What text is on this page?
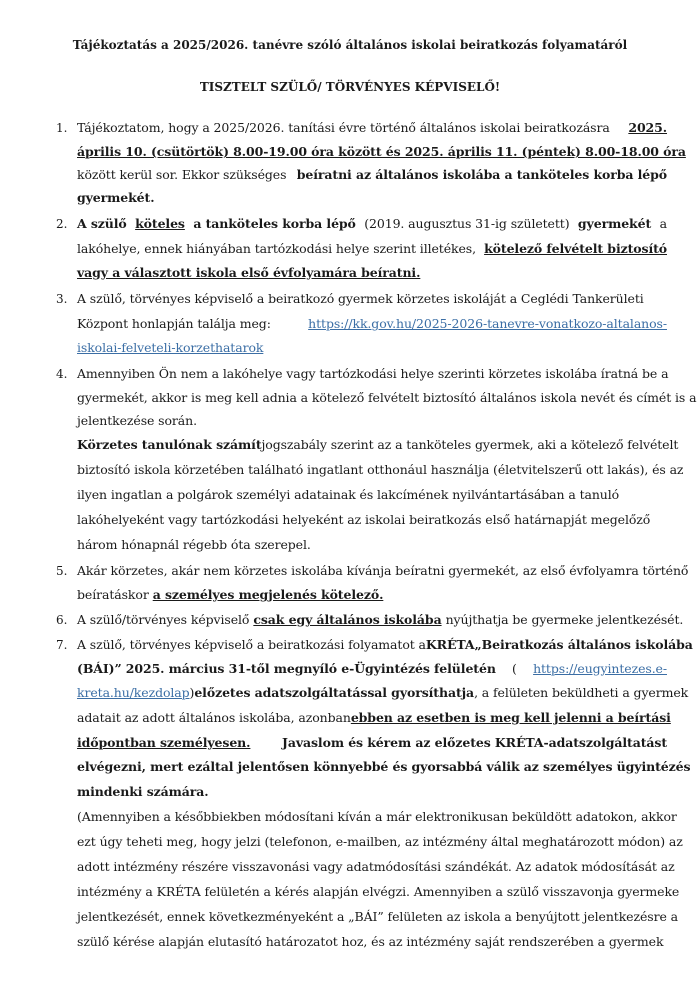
Tájékoztatás a 2025/2026. tanévre szóló általános iskolai beiratkozás folyamatáról
TISZTELT SZÜLŐ/ TÖRVÉNYES KÉPVISELŐ!
1.
2.
3.
4.
5.
6.
7.
Tájékoztatom, hogy a 2025/2026. tanítási évre történő általános iskolai beiratkozásra 2025.
április 10. (csütörtök) 8.00-19.00 óra között és 2025. április 11. (péntek) 8.00-18.00 óra
között kerül sor. Ekkor szükséges beíratni az általános iskolába a tanköteles korba lépő
gyermekét.
A szülő köteles a tanköteles korba lépő (2019. augusztus 31-ig született) gyermekét a
lakóhelye, ennek hiányában tartózkodási helye szerint illetékes, kötelező felvételt biztosító
vagy a választott iskola első évfolyamára beíratni.
A szülő, törvényes képviselő a beiratkozó gyermek körzetes iskoláját a Ceglédi Tankerületi
Központ honlapján találja meg:	https://kk.gov.hu/2025-2026-tanevre-vonatkozo-altalanos-
iskolai-felveteli-korzethatarok
Amennyiben Ön nem a lakóhelye vagy tartózkodási helye szerinti körzetes iskolába íratná be a
gyermekét, akkor is meg kell adnia a kötelező felvételt biztosító általános iskola nevét és címét is a
jelentkezése során.
Körzetes tanulónak számít jogszabály szerint az a tanköteles gyermek, aki a kötelező felvételt
biztosító iskola körzetében található ingatlant otthonául használja (életvitelszerű ott lakás), és az
ilyen ingatlan a polgárok személyi adatainak és lakcímének nyilvántartásában a tanuló
lakóhelyeként vagy tartózkodási helyeként az iskolai beiratkozás első határnapját megelőző
három hónapnál régebb óta szerepel.
Akár körzetes, akár nem körzetes iskolába kívánja beíratni gyermekét, az első évfolyamra történő
beíratáskor a személyes megjelenés kötelező.
A szülő/törvényes képviselő csak egy általános iskolába nyújthatja be gyermeke jelentkezését.
A szülő, törvényes képviselő a beiratkozási folyamatot a KRÉTA „Beiratkozás általános iskolába
(BÁI)” 2025. március 31-től megnyíló e-Ügyintézés felületén ( https://eugyintezes.e-
kreta.hu/kezdolap ) előzetes adatszolgáltatással gyorsíthatja , a felületen beküldheti a gyermek
adatait az adott általános iskolába, azonban ebben az esetben is meg kell jelenni a beírtási
időpontban személyesen.	Javaslom és kérem az előzetes KRÉTA-adatszolgáltatást
elvégezni, mert ezáltal jelentősen könnyebbé és gyorsabbá válik az személyes ügyintézés
mindenki számára.
(Amennyiben a későbbiekben módosítani kíván a már elektronikusan beküldött adatokon, akkor
ezt úgy teheti meg, hogy jelzi (telefonon, e-mailben, az intézmény által meghatározott módon) az
adott intézmény részére visszavonási vagy adatmódosítási szándékát. Az adatok módosítását az
intézmény a KRÉTA felületén a kérés alapján elvégzi. Amennyiben a szülő visszavonja gyermeke
jelentkezését, ennek következményeként a „BÁI” felületen az iskola a benyújtott jelentkezésre a
szülő kérése alapján elutasító határozatot hoz, és az intézmény saját rendszerében a gyermek
